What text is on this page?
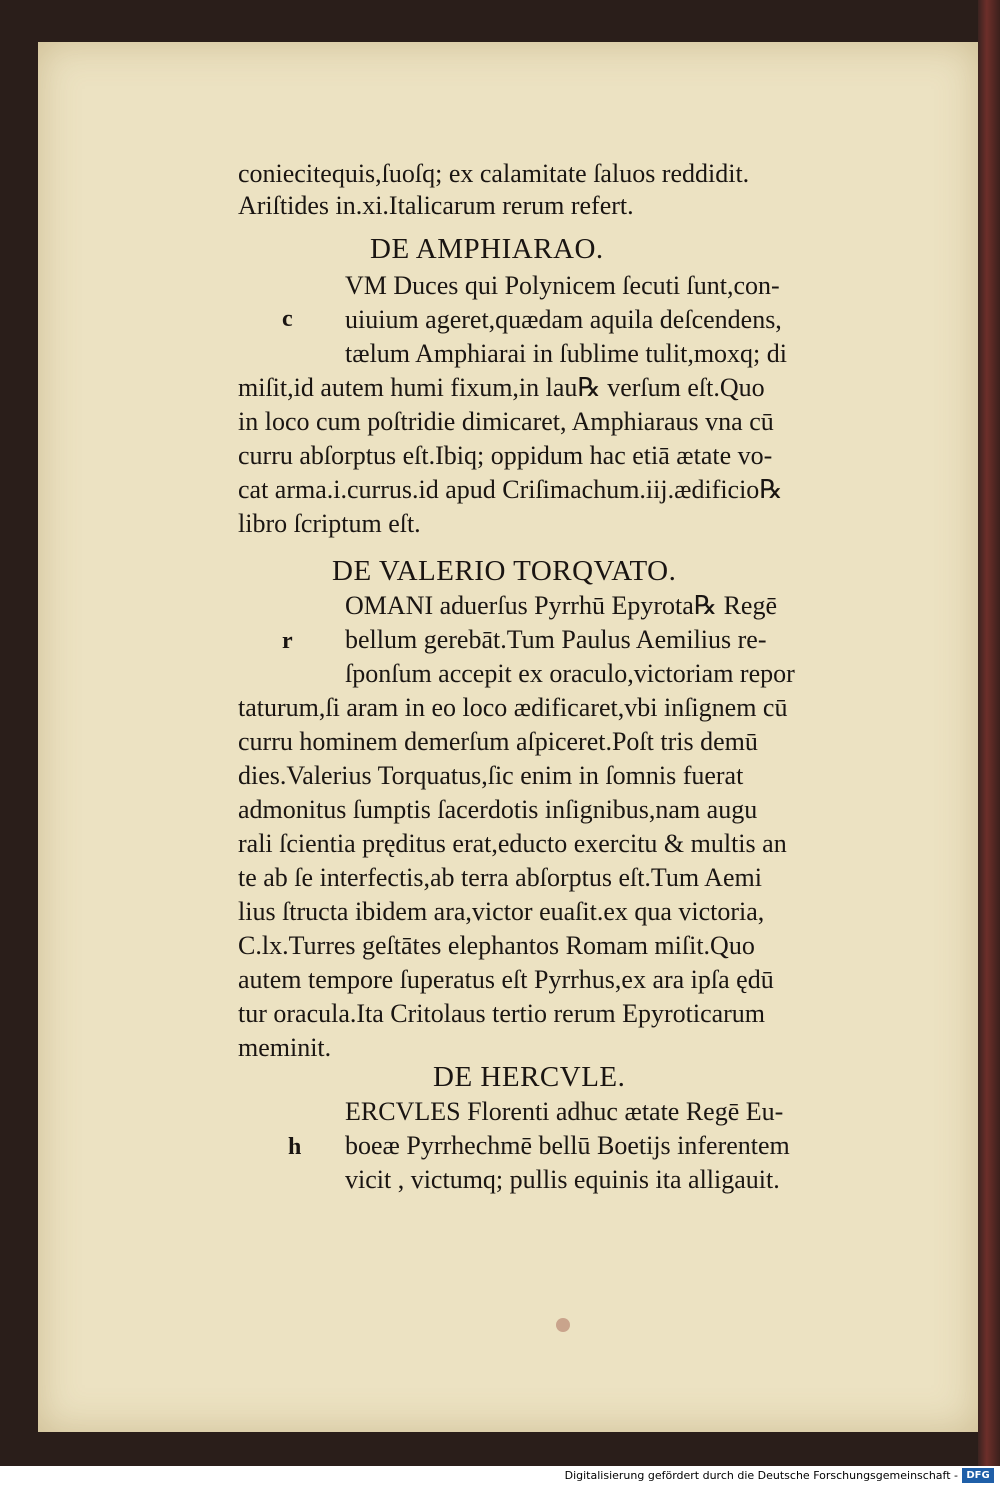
coniecitequis,ſuoſq; ex calamitate ſaluos reddidit.
Ariſtides in.xi.Italicarum rerum refert.
DE AMPHIARAO.
c
VM Duces qui Polynicem ſecuti ſunt,con-
uiuium ageret,quædam aquila deſcendens,
tælum Amphiarai in ſublime tulit,moxq; di
miſit,id autem humi fixum,in lau℞ verſum eſt.Quo
in loco cum poſtridie dimicaret, Amphiaraus vna cū
curru abſorptus eſt.Ibiq; oppidum hac etiā ætate vo-
cat arma.i.currus.id apud Criſimachum.iij.ædificio℞
libro ſcriptum eſt.
DE VALERIO TORQVATO.
r
OMANI aduerſus Pyrrhū Epyrota℞ Regē
bellum gerebāt.Tum Paulus Aemilius re-
ſponſum accepit ex oraculo,victoriam repor
taturum,ſi aram in eo loco ædificaret,vbi inſignem cū
curru hominem demerſum aſpiceret.Poſt tris demū
dies.Valerius Torquatus,ſic enim in ſomnis fuerat
admonitus ſumptis ſacerdotis inſignibus,nam augu
rali ſcientia pręditus erat,educto exercitu & multis an
te ab ſe interfectis,ab terra abſorptus eſt.Tum Aemi
lius ſtructa ibidem ara,victor euaſit.ex qua victoria,
C.lx.Turres geſtātes elephantos Romam miſit.Quo
autem tempore ſuperatus eſt Pyrrhus,ex ara ipſa ędū
tur oracula.Ita Critolaus tertio rerum Epyroticarum
meminit.
DE HERCVLE.
h
ERCVLES Florenti adhuc ætate Regē Eu-
boeæ Pyrrhechmē bellū Boetijs inferentem
vicit , victumq; pullis equinis ita alligauit.
Digitalisierung gefördert durch die Deutsche Forschungsgemeinschaft - DFG
